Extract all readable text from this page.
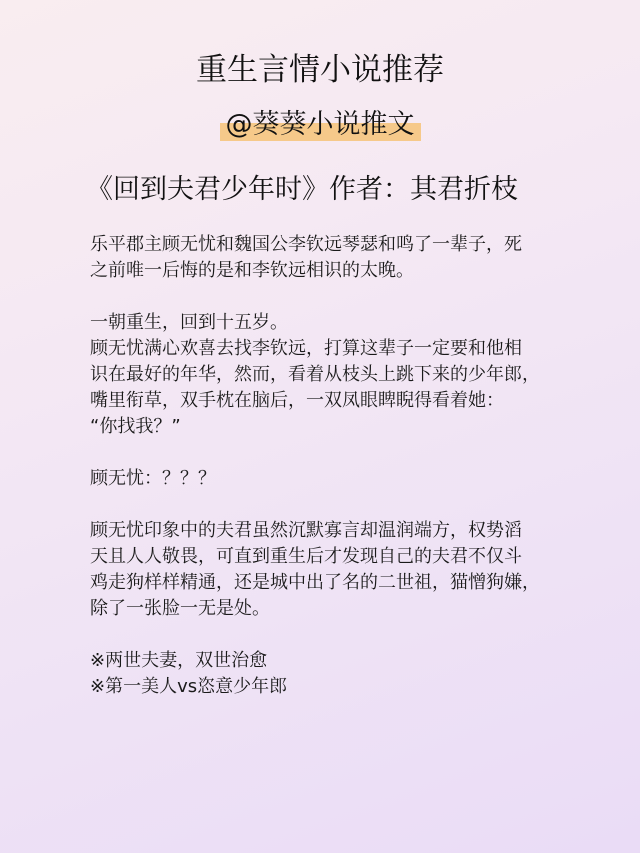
重生言情小说推荐
@葵葵小说推文
《回到夫君少年时》作者：其君折枝

乐平郡主顾无忧和魏国公李钦远琴瑟和鸣了一辈子，死

之前唯一后悔的是和李钦远相识的太晚。

一朝重生，回到十五岁。

顾无忧满心欢喜去找李钦远，打算这辈子一定要和他相

识在最好的年华，然而，看着从枝头上跳下来的少年郎，

嘴里衔草，双手枕在脑后，一双凤眼睥睨得看着她：

“你找我？”

顾无忧：？？？

顾无忧印象中的夫君虽然沉默寡言却温润端方，权势滔

天且人人敬畏，可直到重生后才发现自己的夫君不仅斗

鸡走狗样样精通，还是城中出了名的二世祖，猫憎狗嫌，

除了一张脸一无是处。

※两世夫妻，双世治愈

※第一美人vs恣意少年郎
